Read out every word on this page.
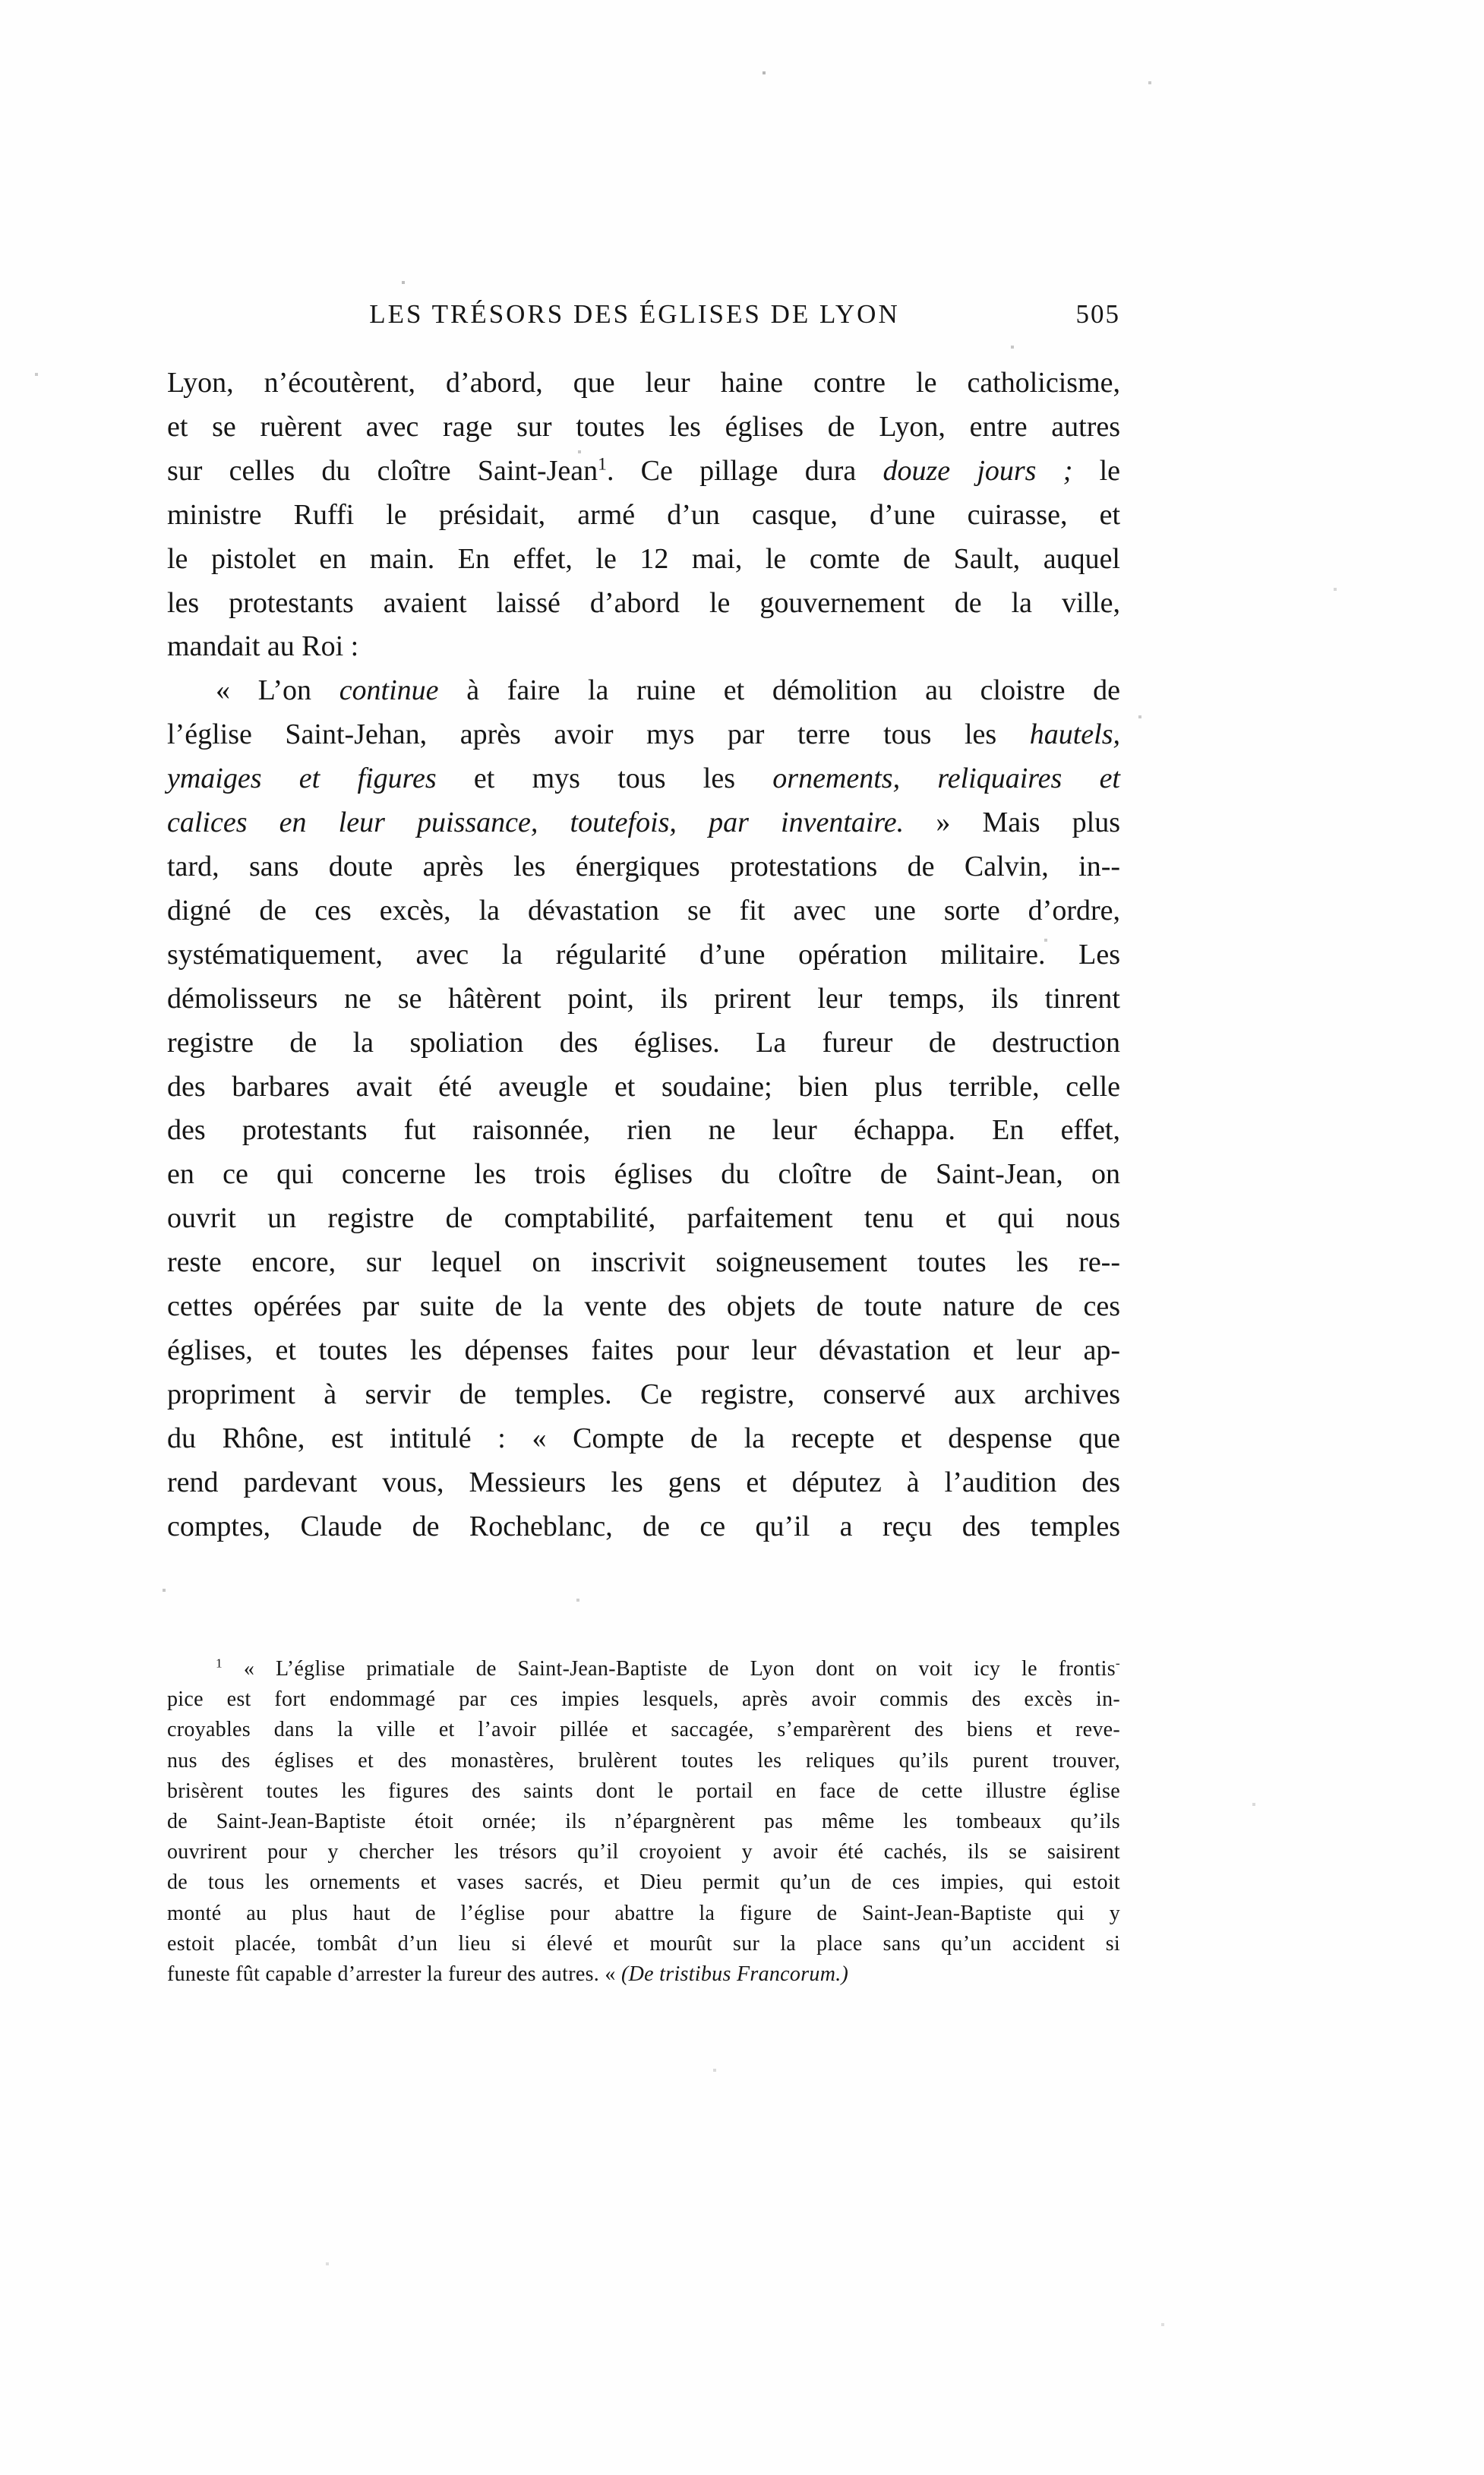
LES TRÉSORS DES ÉGLISES DE LYON	505
Lyon, n’écoutèrent, d’abord, que leur haine contre le catholicisme,
et se ruèrent avec rage sur toutes les églises de Lyon, entre autres
sur celles du cloître Saint-Jean$^1$. Ce pillage dura douze jours ; le
ministre Ruffi le présidait, armé d’un casque, d’une cuirasse, et
le pistolet en main. En effet, le 12 mai, le comte de Sault, auquel
les protestants avaient laissé d’abord le gouvernement de la ville,
mandait au Roi :
« L’on continue à faire la ruine et démolition au cloistre de
l’église Saint-Jehan, après avoir mys par terre tous les hautels,
ymaiges et figures et mys tous les ornements, reliquaires et
calices en leur puissance, toutefois, par inventaire. » Mais plus
tard, sans doute après les énergiques protestations de Calvin, in--
digné de ces excès, la dévastation se fit avec une sorte d’ordre,
systématiquement, avec la régularité d’une opération militaire. Les
démolisseurs ne se hâtèrent point, ils prirent leur temps, ils tinrent
registre de la spoliation des églises. La fureur de destruction
des barbares avait été aveugle et soudaine; bien plus terrible, celle
des protestants fut raisonnée, rien ne leur échappa. En effet,
en ce qui concerne les trois églises du cloître de Saint-Jean, on
ouvrit un registre de comptabilité, parfaitement tenu et qui nous
reste encore, sur lequel on inscrivit soigneusement toutes les re--
cettes opérées par suite de la vente des objets de toute nature de ces
églises, et toutes les dépenses faites pour leur dévastation et leur ap-
propriment à servir de temples. Ce registre, conservé aux archives
du Rhône, est intitulé : « Compte de la recepte et despense que
rend pardevant vous, Messieurs les gens et députez à l’audition des
comptes, Claude de Rocheblanc, de ce qu’il a reçu des temples
$^1$ « L’église primatiale de Saint-Jean-Baptiste de Lyon dont on voit icy le frontis-
pice est fort endommagé par ces impies lesquels, après avoir commis des excès in-
croyables dans la ville et l’avoir pillée et saccagée, s’emparèrent des biens et reve-
nus des églises et des monastères, brulèrent toutes les reliques qu’ils purent trouver,
brisèrent toutes les figures des saints dont le portail en face de cette illustre église
de Saint-Jean-Baptiste étoit ornée; ils n’épargnèrent pas même les tombeaux qu’ils
ouvrirent pour y chercher les trésors qu’il croyoient y avoir été cachés, ils se saisirent
de tous les ornements et vases sacrés, et Dieu permit qu’un de ces impies, qui estoit
monté au plus haut de l’église pour abattre la figure de Saint-Jean-Baptiste qui y
estoit placée, tombât d’un lieu si élevé et mourût sur la place sans qu’un accident si
funeste fût capable d’arrester la fureur des autres. « (De tristibus Francorum.)
